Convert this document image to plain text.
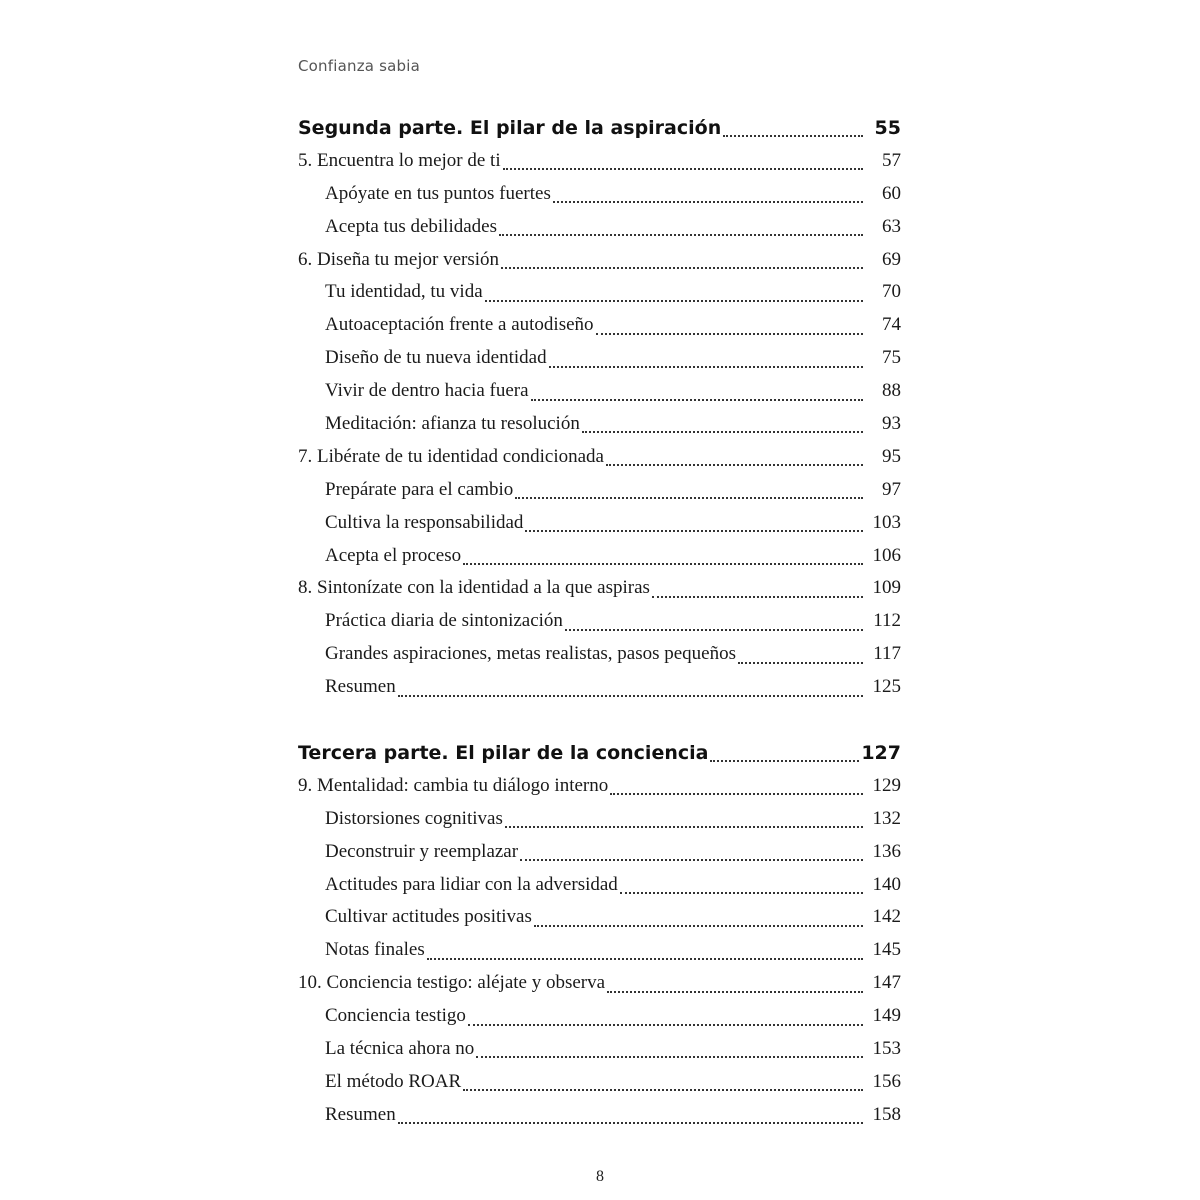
Confianza sabia
Segunda parte. El pilar de la aspiración	55
5. Encuentra lo mejor de ti	57
Apóyate en tus puntos fuertes	60
Acepta tus debilidades	63
6. Diseña tu mejor versión	69
Tu identidad, tu vida	70
Autoaceptación frente a autodiseño	74
Diseño de tu nueva identidad	75
Vivir de dentro hacia fuera	88
Meditación: afianza tu resolución	93
7. Libérate de tu identidad condicionada	95
Prepárate para el cambio	97
Cultiva la responsabilidad	103
Acepta el proceso	106
8. Sintonízate con la identidad a la que aspiras	109
Práctica diaria de sintonización	112
Grandes aspiraciones, metas realistas, pasos pequeños	117
Resumen	125
Tercera parte. El pilar de la conciencia	127
9. Mentalidad: cambia tu diálogo interno	129
Distorsiones cognitivas	132
Deconstruir y reemplazar	136
Actitudes para lidiar con la adversidad	140
Cultivar actitudes positivas	142
Notas finales	145
10. Conciencia testigo: aléjate y observa	147
Conciencia testigo	149
La técnica ahora no	153
El método ROAR	156
Resumen	158
8
